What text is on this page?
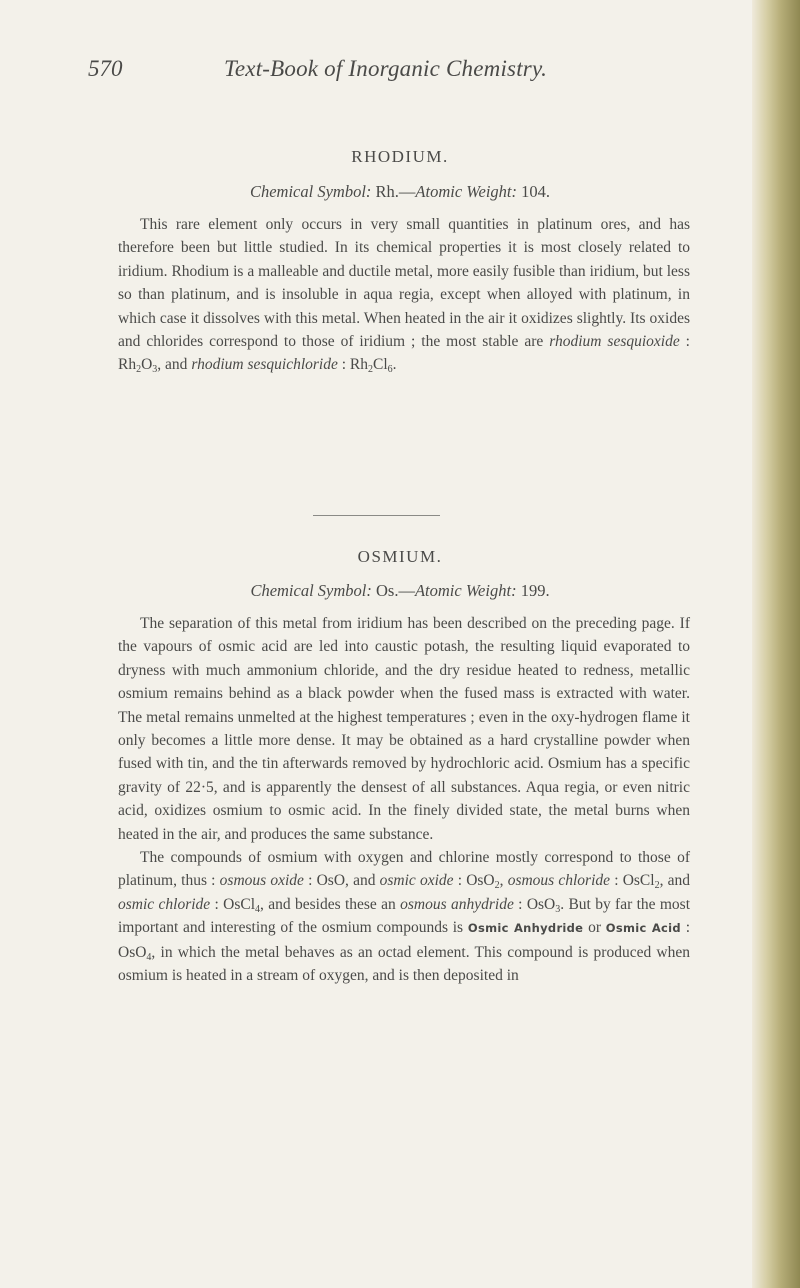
570	Text-Book of Inorganic Chemistry.
RHODIUM.
Chemical Symbol: Rh.—Atomic Weight: 104.

This rare element only occurs in very small quantities in platinum ores, and has therefore been but little studied. In its chemical properties it is most closely related to iridium. Rhodium is a malleable and ductile metal, more easily fusible than iridium, but less so than platinum, and is insoluble in aqua regia, except when alloyed with platinum, in which case it dissolves with this metal. When heated in the air it oxidizes slightly. Its oxides and chlorides correspond to those of iridium ; the most stable are rhodium sesquioxide : $Rh_2O_3$, and rhodium sesquichloride : $Rh_2Cl_6$.

OSMIUM.
Chemical Symbol: Os.—Atomic Weight: 199.

The separation of this metal from iridium has been described on the preceding page. If the vapours of osmic acid are led into caustic potash, the resulting liquid evaporated to dryness with much ammonium chloride, and the dry residue heated to redness, metallic osmium remains behind as a black powder when the fused mass is extracted with water. The metal remains unmelted at the highest temperatures ; even in the oxy-hydrogen flame it only becomes a little more dense. It may be obtained as a hard crystalline powder when fused with tin, and the tin afterwards removed by hydrochloric acid. Osmium has a specific gravity of 22·5, and is apparently the densest of all substances. Aqua regia, or even nitric acid, oxidizes osmium to osmic acid. In the finely divided state, the metal burns when heated in the air, and produces the same substance.

The compounds of osmium with oxygen and chlorine mostly correspond to those of platinum, thus : osmous oxide : OsO, and osmic oxide : OsO$_2$, osmous chloride : OsCl$_2$, and osmic chloride : OsCl$_4$, and besides these an osmous anhydride : OsO$_3$. But by far the most important and interesting of the osmium compounds is Osmic Anhydride or Osmic Acid : OsO$_4$, in which the metal behaves as an octad element. This compound is produced when osmium is heated in a stream of oxygen, and is then deposited in
